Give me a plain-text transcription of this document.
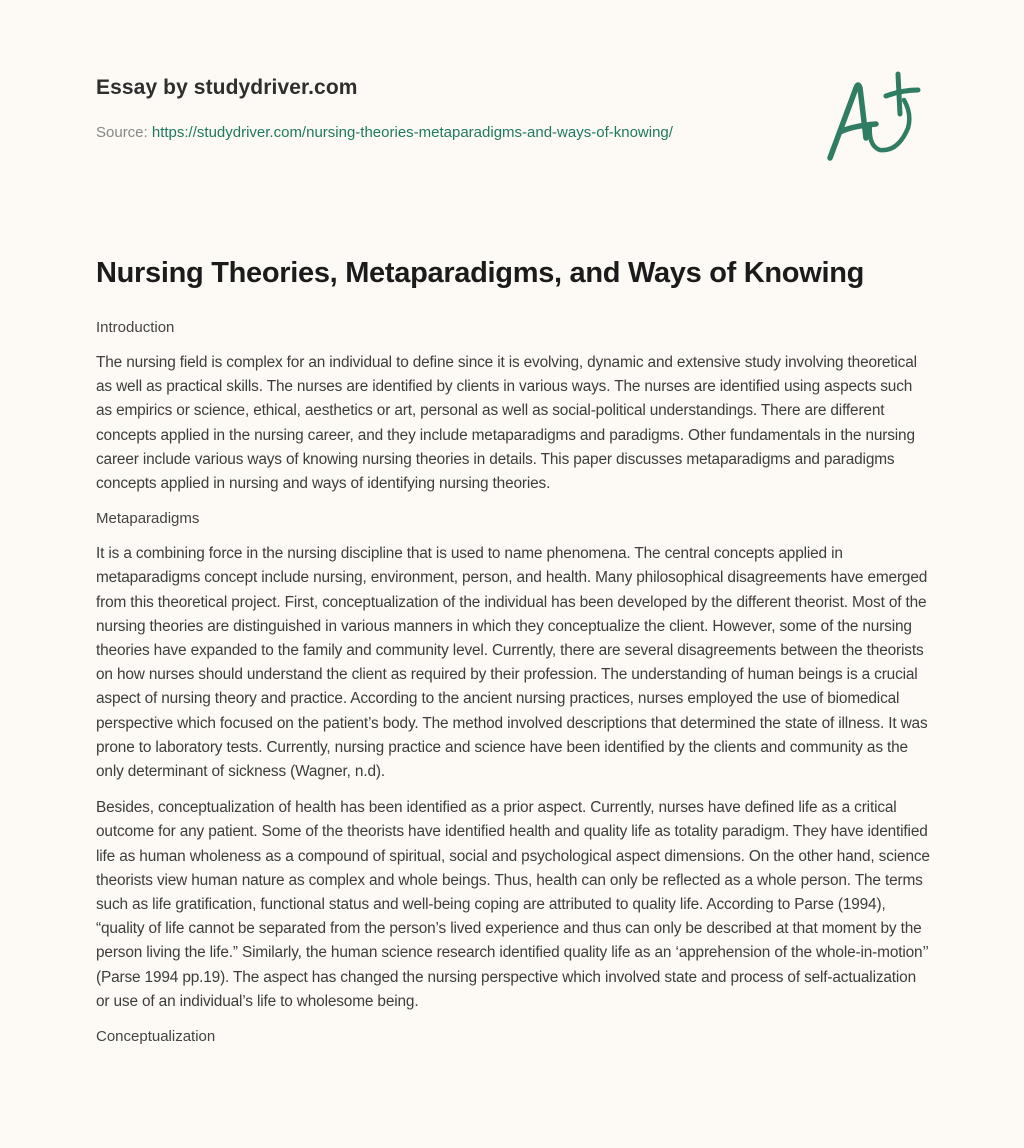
Essay by studydriver.com
Source: https://studydriver.com/nursing-theories-metaparadigms-and-ways-of-knowing/
Nursing Theories, Metaparadigms, and Ways of Knowing
Introduction

The nursing field is complex for an individual to define since it is evolving, dynamic and extensive study involving theoretical as well as practical skills. The nurses are identified by clients in various ways. The nurses are identified using aspects such as empirics or science, ethical, aesthetics or art, personal as well as social-political understandings. There are different concepts applied in the nursing career, and they include metaparadigms and paradigms. Other fundamentals in the nursing career include various ways of knowing nursing theories in details. This paper discusses metaparadigms and paradigms concepts applied in nursing and ways of identifying nursing theories.

Metaparadigms

It is a combining force in the nursing discipline that is used to name phenomena. The central concepts applied in metaparadigms concept include nursing, environment, person, and health. Many philosophical disagreements have emerged from this theoretical project. First, conceptualization of the individual has been developed by the different theorist. Most of the nursing theories are distinguished in various manners in which they conceptualize the client. However, some of the nursing theories have expanded to the family and community level. Currently, there are several disagreements between the theorists on how nurses should understand the client as required by their profession. The understanding of human beings is a crucial aspect of nursing theory and practice. According to the ancient nursing practices, nurses employed the use of biomedical perspective which focused on the patient’s body. The method involved descriptions that determined the state of illness. It was prone to laboratory tests. Currently, nursing practice and science have been identified by the clients and community as the only determinant of sickness (Wagner, n.d).

Besides, conceptualization of health has been identified as a prior aspect. Currently, nurses have defined life as a critical outcome for any patient. Some of the theorists have identified health and quality life as totality paradigm. They have identified life as human wholeness as a compound of spiritual, social and psychological aspect dimensions. On the other hand, science theorists view human nature as complex and whole beings. Thus, health can only be reflected as a whole person. The terms such as life gratification, functional status and well-being coping are attributed to quality life. According to Parse (1994), “quality of life cannot be separated from the person’s lived experience and thus can only be described at that moment by the person living the life.” Similarly, the human science research identified quality life as an ‘apprehension of the whole-in-motion’’ (Parse 1994 pp.19). The aspect has changed the nursing perspective which involved state and process of self-actualization or use of an individual’s life to wholesome being.

Conceptualization
